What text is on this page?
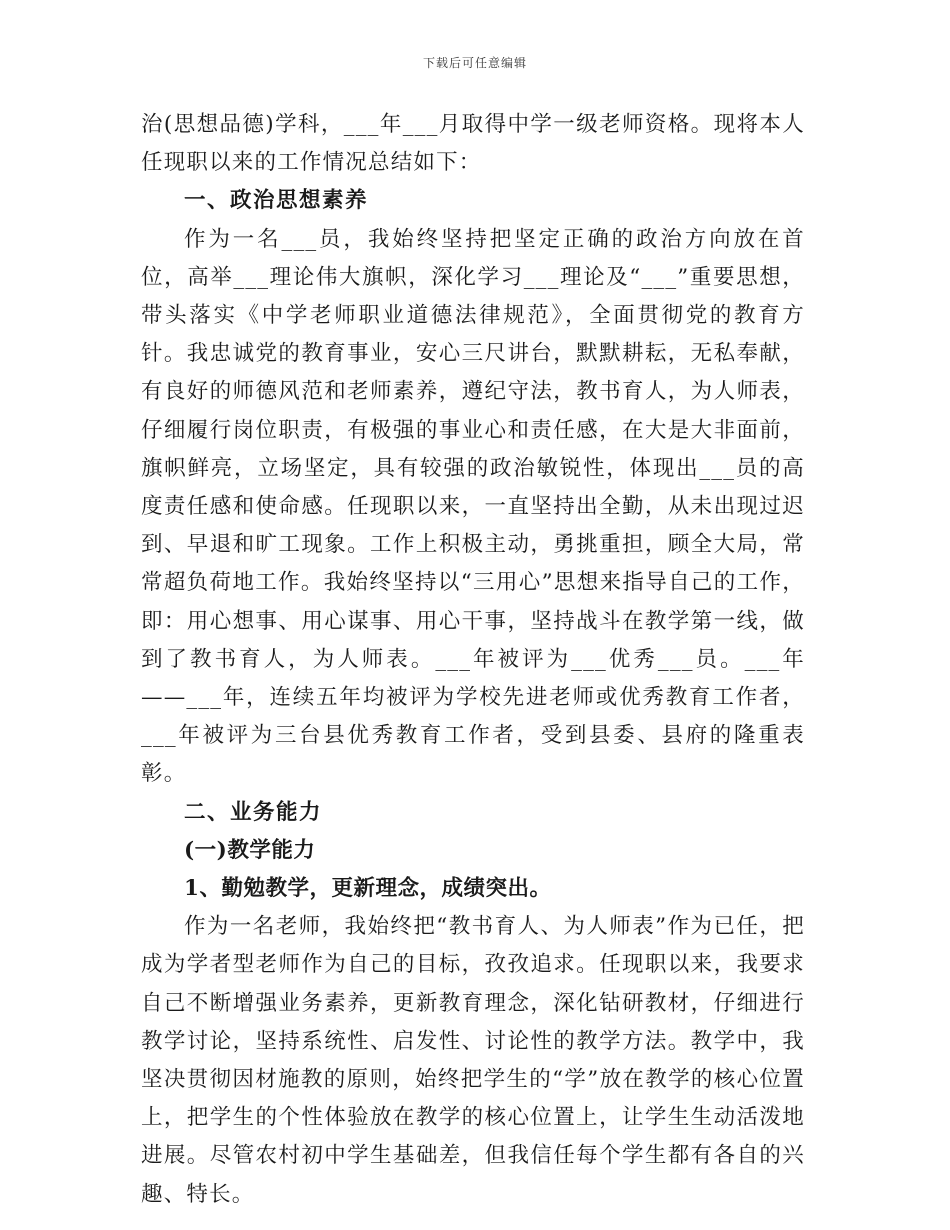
下载后可任意编辑

治(思想品德)学科，___年___月取得中学一级老师资格。现将本人任现职以来的工作情况总结如下：

一、政治思想素养

作为一名___员，我始终坚持把坚定正确的政治方向放在首位，高举___理论伟大旗帜，深化学习___理论及“___”重要思想，带头落实《中学老师职业道德法律规范》，全面贯彻党的教育方针。我忠诚党的教育事业，安心三尺讲台，默默耕耘，无私奉献，有良好的师德风范和老师素养，遵纪守法，教书育人，为人师表，仔细履行岗位职责，有极强的事业心和责任感，在大是大非面前，旗帜鲜亮，立场坚定，具有较强的政治敏锐性，体现出___员的高度责任感和使命感。任现职以来，一直坚持出全勤，从未出现过迟到、早退和旷工现象。工作上积极主动，勇挑重担，顾全大局，常常超负荷地工作。我始终坚持以“三用心”思想来指导自己的工作，即：用心想事、用心谋事、用心干事，坚持战斗在教学第一线，做到了教书育人，为人师表。___年被评为___优秀___员。___年——___年，连续五年均被评为学校先进老师或优秀教育工作者，___年被评为三台县优秀教育工作者，受到县委、县府的隆重表彰。

二、业务能力

(一)教学能力

1、勤勉教学，更新理念，成绩突出。

作为一名老师，我始终把“教书育人、为人师表”作为已任，把成为学者型老师作为自己的目标，孜孜追求。任现职以来，我要求自己不断增强业务素养，更新教育理念，深化钻研教材，仔细进行教学讨论，坚持系统性、启发性、讨论性的教学方法。教学中，我坚决贯彻因材施教的原则，始终把学生的“学”放在教学的核心位置上，把学生的个性体验放在教学的核心位置上，让学生生动活泼地进展。尽管农村初中学生基础差，但我信任每个学生都有各自的兴趣、特长。
